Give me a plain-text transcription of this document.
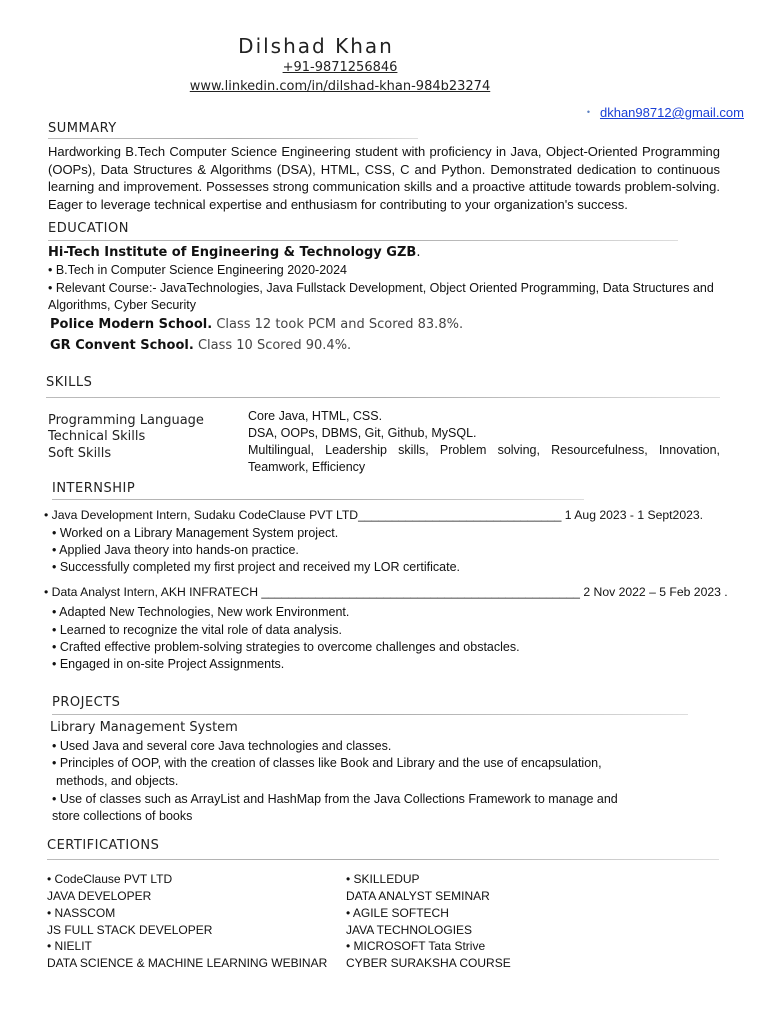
Dilshad Khan
+91-9871256846
www.linkedin.com/in/dilshad-khan-984b23274
• dkhan98712@gmail.com
SUMMARY
Hardworking B.Tech Computer Science Engineering student with proficiency in Java, Object-Oriented Programming (OOPs), Data Structures & Algorithms (DSA), HTML, CSS, C and Python. Demonstrated dedication to continuous learning and improvement. Possesses strong communication skills and a proactive attitude towards problem-solving. Eager to leverage technical expertise and enthusiasm for contributing to your organization's success.
EDUCATION
Hi-Tech Institute of Engineering & Technology GZB.
• B.Tech in Computer Science Engineering 2020-2024
• Relevant Course:- JavaTechnologies, Java Fullstack Development, Object Oriented Programming, Data Structures and
Algorithms, Cyber Security
Police Modern School. Class 12 took PCM and Scored 83.8%.
GR Convent School. Class 10 Scored 90.4%.
SKILLS
Programming Language
Technical Skills
Soft Skills
Core Java, HTML, CSS.
DSA, OOPs, DBMS, Git, Github, MySQL.
Multilingual, Leadership skills, Problem solving, Resourcefulness, Innovation,
Teamwork, Efficiency
INTERNSHIP
• Java Development Intern, Sudaku CodeClause PVT LTD______________________________ 1 Aug 2023 - 1 Sept2023.
• Worked on a Library Management System project.
• Applied Java theory into hands-on practice.
• Successfully completed my first project and received my LOR certificate.
• Data Analyst Intern, AKH INFRATECH _______________________________________________ 2 Nov 2022 – 5 Feb 2023 .
• Adapted New Technologies, New work Environment.
• Learned to recognize the vital role of data analysis.
• Crafted effective problem-solving strategies to overcome challenges and obstacles.
• Engaged in on-site Project Assignments.
PROJECTS
Library Management System
• Used Java and several core Java technologies and classes.
• Principles of OOP, with the creation of classes like Book and Library and the use of encapsulation,
methods, and objects.
• Use of classes such as ArrayList and HashMap from the Java Collections Framework to manage and
store collections of books
CERTIFICATIONS
• CodeClause PVT LTD
JAVA DEVELOPER
• NASSCOM
JS FULL STACK DEVELOPER
• NIELIT
DATA SCIENCE & MACHINE LEARNING WEBINAR
• SKILLEDUP
DATA ANALYST SEMINAR
• AGILE SOFTECH
JAVA TECHNOLOGIES
• MICROSOFT Tata Strive
CYBER SURAKSHA COURSE
